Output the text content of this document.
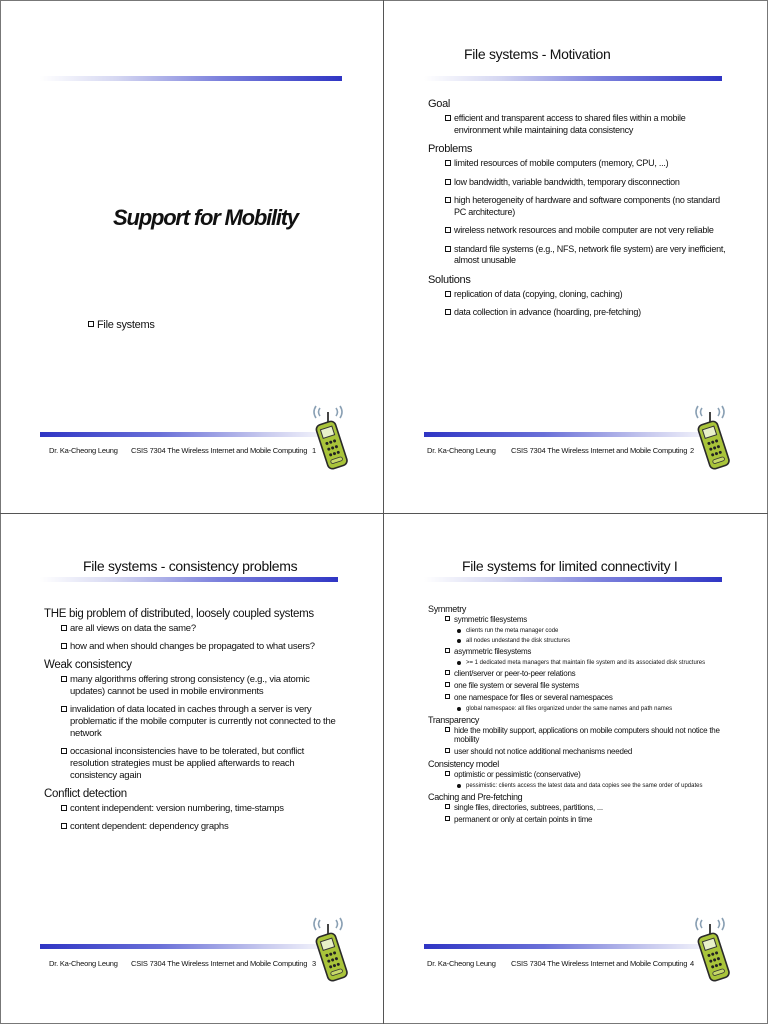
Support for Mobility
File systems
Dr. Ka-Cheong Leung CSIS 7304 The Wireless Internet and Mobile Computing 1
File systems - Motivation
Goal
efficient and transparent access to shared files within a mobile environment while maintaining data consistency
Problems
limited resources of mobile computers (memory, CPU, ...)
low bandwidth, variable bandwidth, temporary disconnection
high heterogeneity of hardware and software components (no standard PC architecture)
wireless network resources and mobile computer are not very reliable
standard file systems (e.g., NFS, network file system) are very inefficient, almost unusable
Solutions
replication of data (copying, cloning, caching)
data collection in advance (hoarding, pre-fetching)
Dr. Ka-Cheong Leung CSIS 7304 The Wireless Internet and Mobile Computing 2
File systems - consistency problems
THE big problem of distributed, loosely coupled systems
are all views on data the same?
how and when should changes be propagated to what users?
Weak consistency
many algorithms offering strong consistency (e.g., via atomic updates) cannot be used in mobile environments
invalidation of data located in caches through a server is very problematic if the mobile computer is currently not connected to the network
occasional inconsistencies have to be tolerated, but conflict resolution strategies must be applied afterwards to reach consistency again
Conflict detection
content independent: version numbering, time-stamps
content dependent: dependency graphs
Dr. Ka-Cheong Leung CSIS 7304 The Wireless Internet and Mobile Computing 3
File systems for limited connectivity I
Symmetry
symmetric filesystems
clients run the meta manager code
all nodes undestand the disk structures
asymmetric filesystems
>= 1 dedicated meta managers that maintain file system and its associated disk structures
client/server or peer-to-peer relations
one file system or several file systems
one namespace for files or several namespaces
global namespace: all files organized under the same names and path names
Transparency
hide the mobility support, applications on mobile computers should not notice the mobility
user should not notice additional mechanisms needed
Consistency model
optimistic or pessimistic (conservative)
pessimistic: clients access the latest data and data copies see the same order of updates
Caching and Pre-fetching
single files, directories, subtrees, partitions, ...
permanent or only at certain points in time
Dr. Ka-Cheong Leung CSIS 7304 The Wireless Internet and Mobile Computing 4
